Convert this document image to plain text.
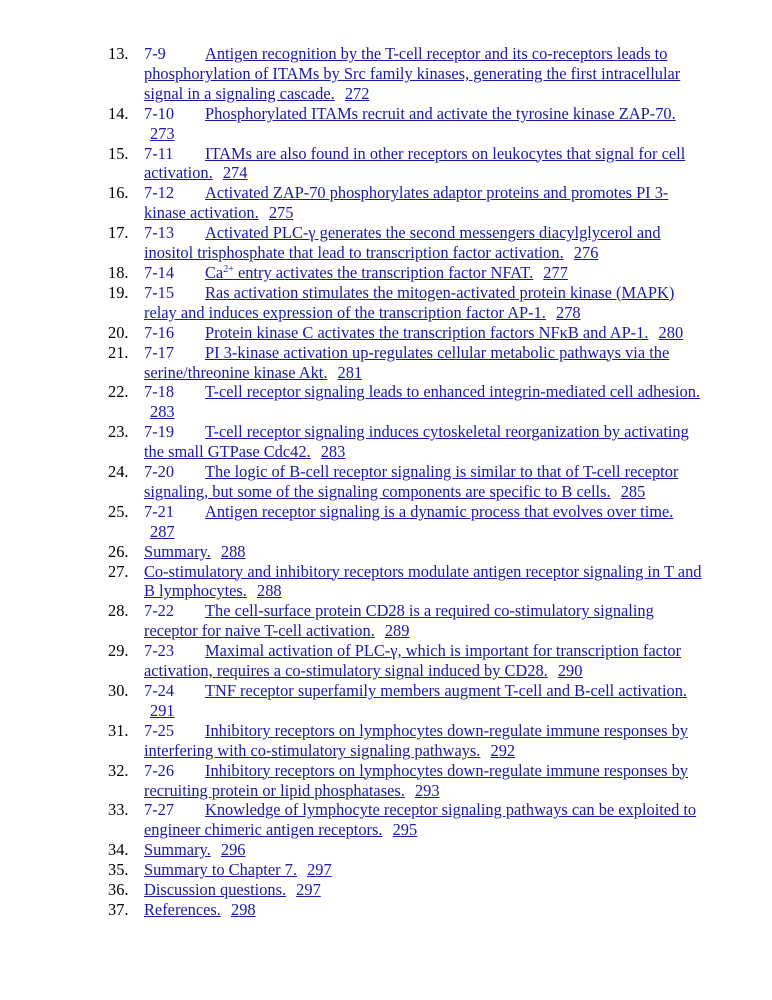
13. 7-9 Antigen recognition by the T-cell receptor and its co-receptors leads to phosphorylation of ITAMs by Src family kinases, generating the first intracellular signal in a signaling cascade. 272
14. 7-10 Phosphorylated ITAMs recruit and activate the tyrosine kinase ZAP-70. 273
15. 7-11 ITAMs are also found in other receptors on leukocytes that signal for cell activation. 274
16. 7-12 Activated ZAP-70 phosphorylates adaptor proteins and promotes PI 3-kinase activation. 275
17. 7-13 Activated PLC-γ generates the second messengers diacylglycerol and inositol trisphosphate that lead to transcription factor activation. 276
18. 7-14 Ca$^{2+}$ entry activates the transcription factor NFAT. 277
19. 7-15 Ras activation stimulates the mitogen-activated protein kinase (MAPK) relay and induces expression of the transcription factor AP-1. 278
20. 7-16 Protein kinase C activates the transcription factors NFκB and AP-1. 280
21. 7-17 PI 3-kinase activation up-regulates cellular metabolic pathways via the serine/threonine kinase Akt. 281
22. 7-18 T-cell receptor signaling leads to enhanced integrin-mediated cell adhesion. 283
23. 7-19 T-cell receptor signaling induces cytoskeletal reorganization by activating the small GTPase Cdc42. 283
24. 7-20 The logic of B-cell receptor signaling is similar to that of T-cell receptor signaling, but some of the signaling components are specific to B cells. 285
25. 7-21 Antigen receptor signaling is a dynamic process that evolves over time. 287
26. Summary. 288
27. Co-stimulatory and inhibitory receptors modulate antigen receptor signaling in T and B lymphocytes. 288
28. 7-22 The cell-surface protein CD28 is a required co-stimulatory signaling receptor for naive T-cell activation. 289
29. 7-23 Maximal activation of PLC-γ, which is important for transcription factor activation, requires a co-stimulatory signal induced by CD28. 290
30. 7-24 TNF receptor superfamily members augment T-cell and B-cell activation. 291
31. 7-25 Inhibitory receptors on lymphocytes down-regulate immune responses by interfering with co-stimulatory signaling pathways. 292
32. 7-26 Inhibitory receptors on lymphocytes down-regulate immune responses by recruiting protein or lipid phosphatases. 293
33. 7-27 Knowledge of lymphocyte receptor signaling pathways can be exploited to engineer chimeric antigen receptors. 295
34. Summary. 296
35. Summary to Chapter 7. 297
36. Discussion questions. 297
37. References. 298
